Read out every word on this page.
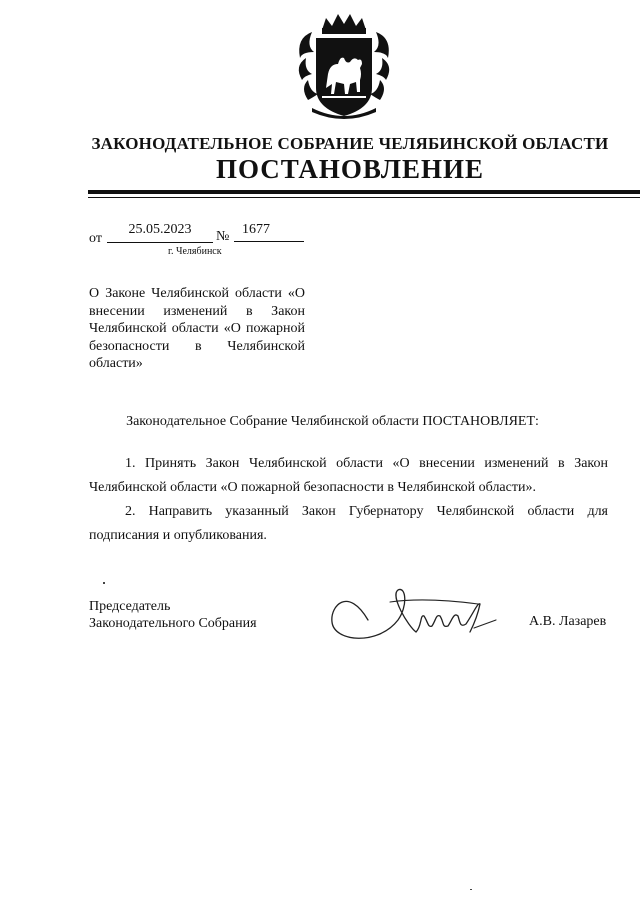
ЗАКОНОДАТЕЛЬНОЕ СОБРАНИЕ ЧЕЛЯБИНСКОЙ ОБЛАСТИ
ПОСТАНОВЛЕНИЕ
от
25.05.2023	№ 1677
г. Челябинск
О Законе Челябинской области «О внесении изменений в Закон Челябинской области «О пожарной безопасности в Челябинской области»
Законодательное Собрание Челябинской области ПОСТАНОВЛЯЕТ:
1. Принять Закон Челябинской области «О внесении изменений в Закон Челябинской области «О пожарной безопасности в Челябинской области».
2. Направить указанный Закон Губернатору Челябинской области для подписания и опубликования.
Председатель
Законодательного Собрания	А.В. Лазарев
